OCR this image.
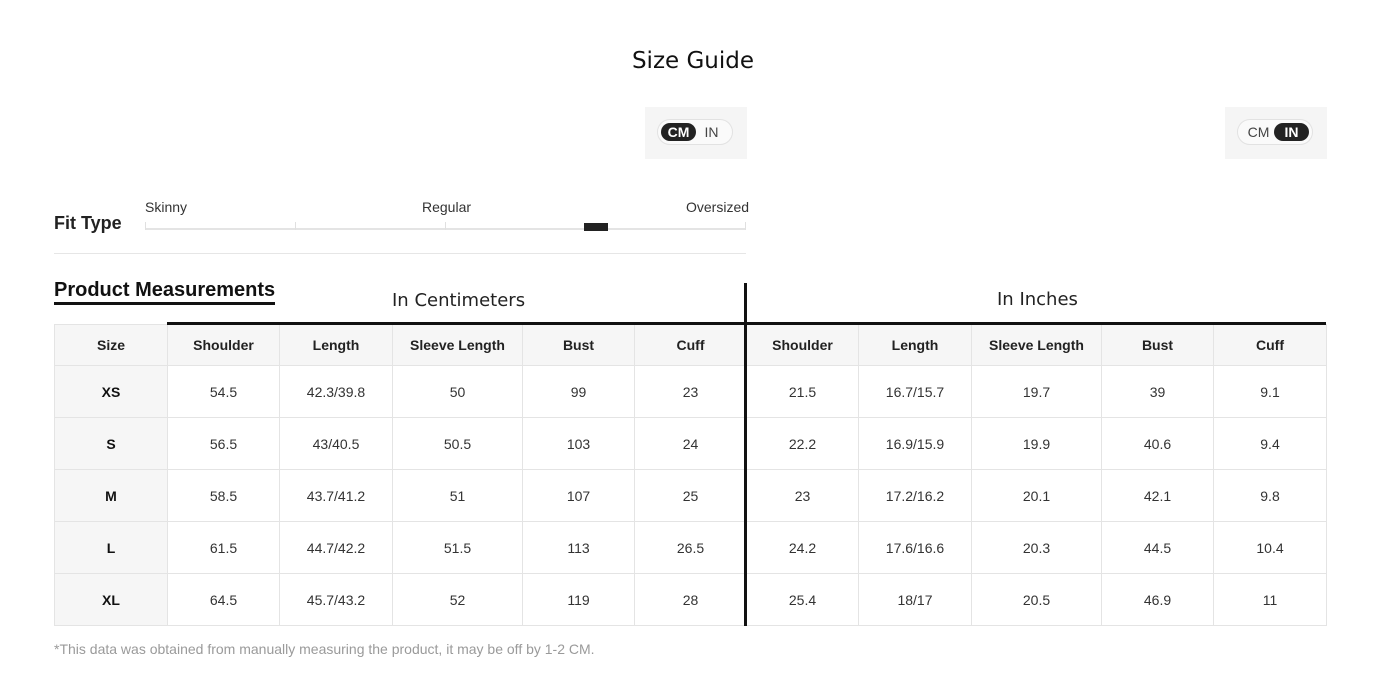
Size Guide
CM	IN	CM	IN
Fit Type
Skinny	Regular	Oversized
Product Measurements	In Centimeters	In Inches
Size	Shoulder	Length	Sleeve Length	Bust	Cuff	Shoulder	Length	Sleeve Length	Bust	Cuff
XS	54.5	42.3/39.8	50	99	23	21.5	16.7/15.7	19.7	39	9.1
S	56.5	43/40.5	50.5	103	24	22.2	16.9/15.9	19.9	40.6	9.4
M	58.5	43.7/41.2	51	107	25	23	17.2/16.2	20.1	42.1	9.8
L	61.5	44.7/42.2	51.5	113	26.5	24.2	17.6/16.6	20.3	44.5	10.4
XL	64.5	45.7/43.2	52	119	28	25.4	18/17	20.5	46.9	11
*This data was obtained from manually measuring the product, it may be off by 1-2 CM.
